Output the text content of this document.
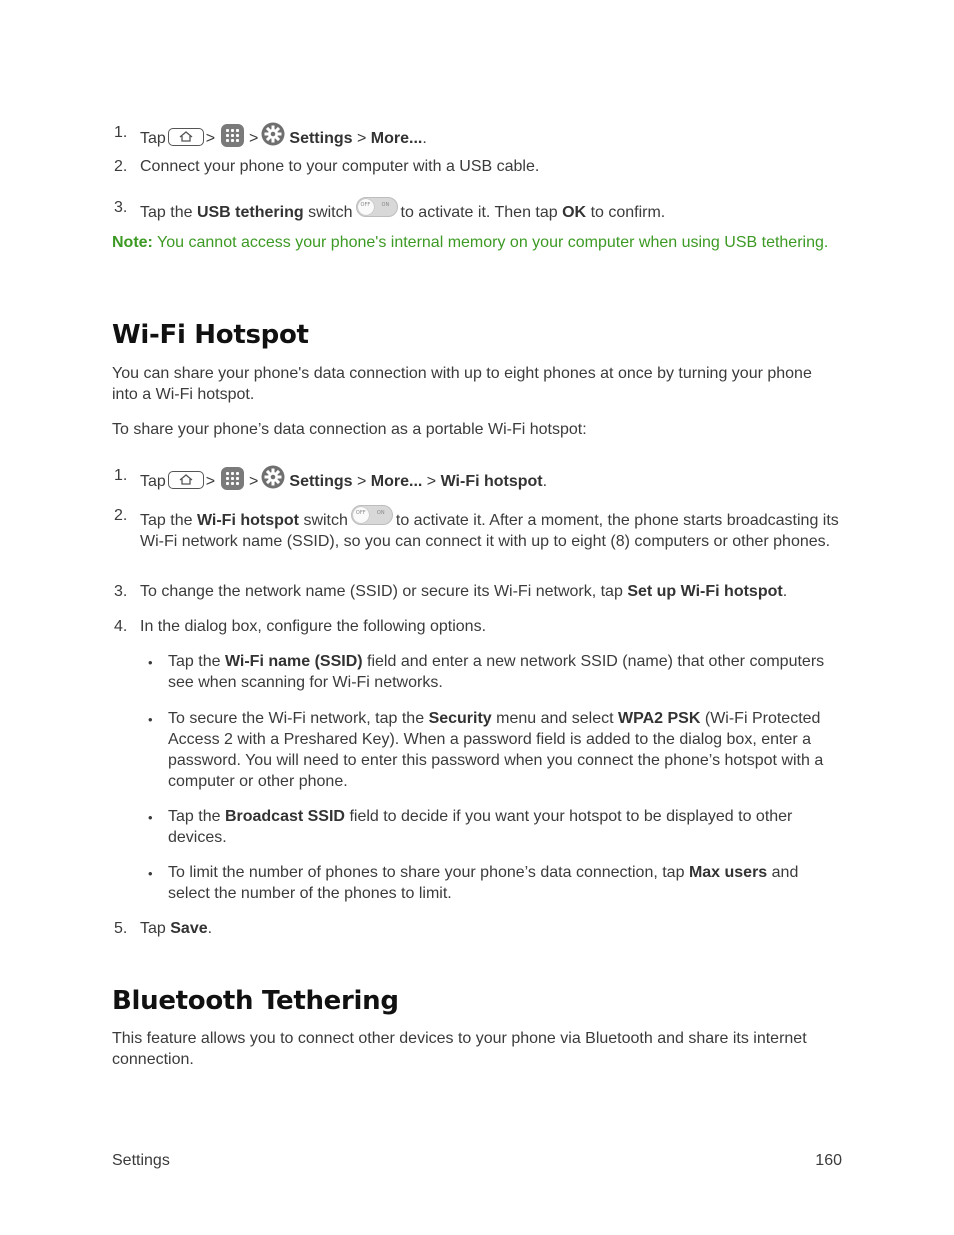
1. Tap	> > Settings > More....
2. Connect your phone to your computer with a USB cable.
3. Tap the USB tethering switch OFF ON to activate it. Then tap OK to confirm.
Note: You cannot access your phone's internal memory on your computer when using USB tethering.
Wi-Fi Hotspot
You can share your phone's data connection with up to eight phones at once by turning your phone into a Wi-Fi hotspot.
To share your phone’s data connection as a portable Wi-Fi hotspot:
1. Tap	> > Settings > More... > Wi-Fi hotspot.
2. Tap the Wi-Fi hotspot switch OFF ON to activate it. After a moment, the phone starts broadcasting its Wi-Fi network name (SSID), so you can connect it with up to eight (8) computers or other phones.
3. To change the network name (SSID) or secure its Wi-Fi network, tap Set up Wi-Fi hotspot.
4. In the dialog box, configure the following options.
• Tap the Wi-Fi name (SSID) field and enter a new network SSID (name) that other computers see when scanning for Wi-Fi networks.
• To secure the Wi-Fi network, tap the Security menu and select WPA2 PSK (Wi-Fi Protected Access 2 with a Preshared Key). When a password field is added to the dialog box, enter a password. You will need to enter this password when you connect the phone’s hotspot with a computer or other phone.
• Tap the Broadcast SSID field to decide if you want your hotspot to be displayed to other devices.
• To limit the number of phones to share your phone’s data connection, tap Max users and select the number of the phones to limit.
5. Tap Save.
Bluetooth Tethering
This feature allows you to connect other devices to your phone via Bluetooth and share its internet connection.
Settings	160
